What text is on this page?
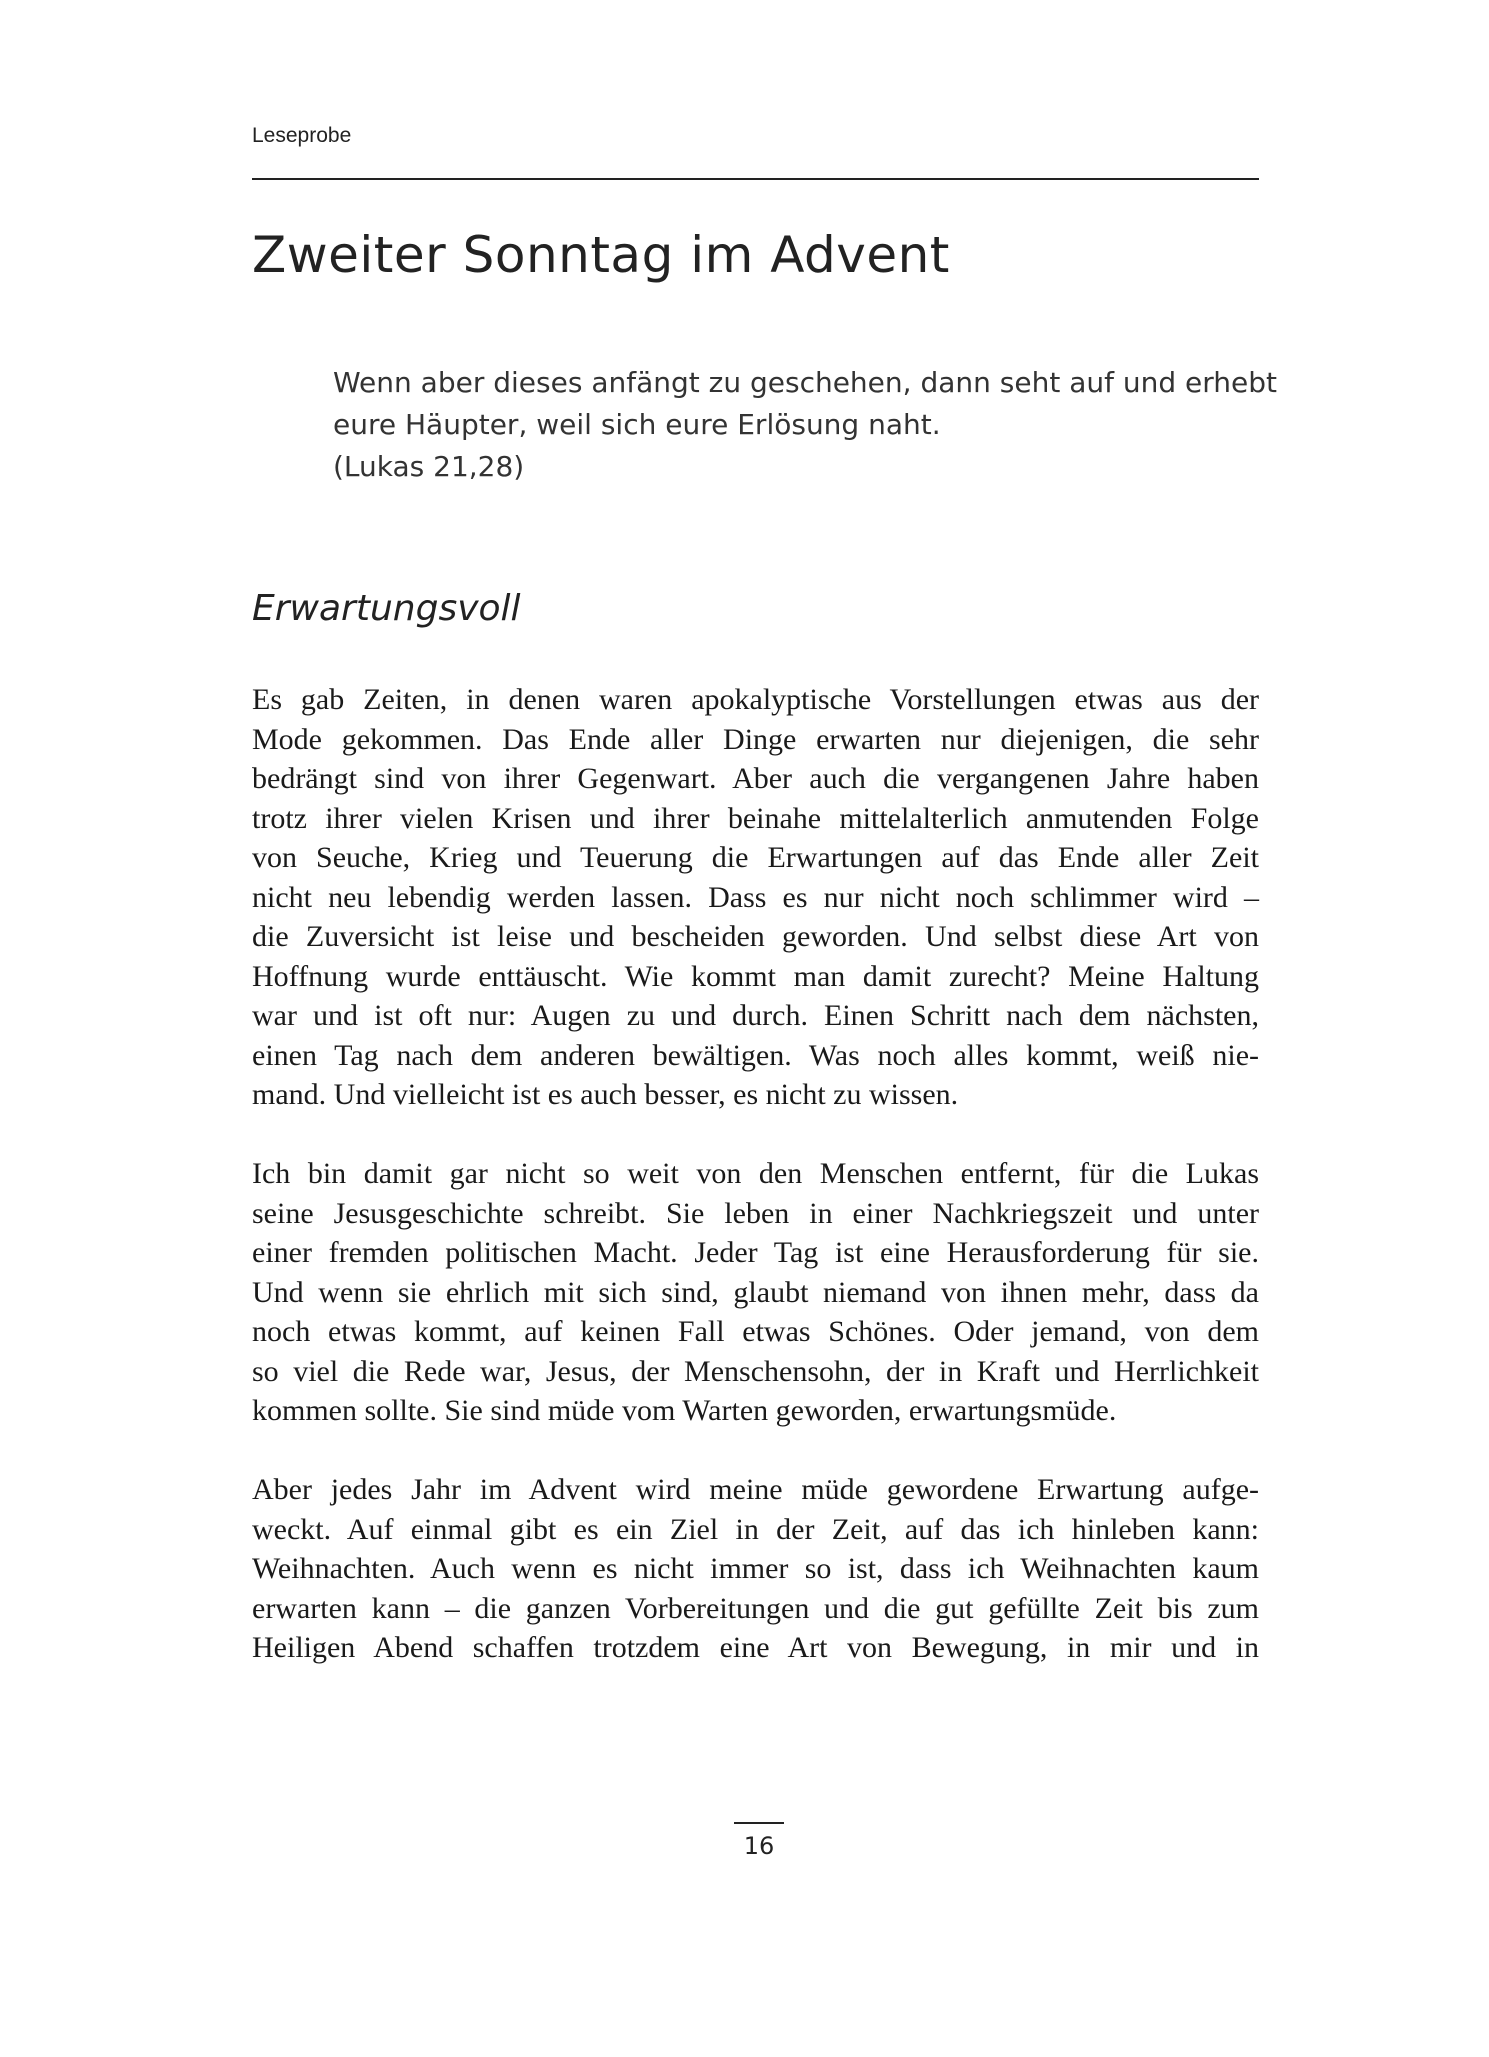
Leseprobe
Zweiter Sonntag im Advent
Wenn aber dieses anfängt zu geschehen, dann seht auf und erhebt
eure Häupter, weil sich eure Erlösung naht.
(Lukas 21,28)
Erwartungsvoll

Es gab Zeiten, in denen waren apokalyptische Vorstellungen etwas aus der
Mode gekommen. Das Ende aller Dinge erwarten nur diejenigen, die sehr
bedrängt sind von ihrer Gegenwart. Aber auch die vergangenen Jahre haben
trotz ihrer vielen Krisen und ihrer beinahe mittelalterlich anmutenden Folge
von Seuche, Krieg und Teuerung die Erwartungen auf das Ende aller Zeit
nicht neu lebendig werden lassen. Dass es nur nicht noch schlimmer wird –
die Zuversicht ist leise und bescheiden geworden. Und selbst diese Art von
Hoffnung wurde enttäuscht. Wie kommt man damit zurecht? Meine Haltung
war und ist oft nur: Augen zu und durch. Einen Schritt nach dem nächsten,
einen Tag nach dem anderen bewältigen. Was noch alles kommt, weiß nie-
mand. Und vielleicht ist es auch besser, es nicht zu wissen.

Ich bin damit gar nicht so weit von den Menschen entfernt, für die Lukas
seine Jesusgeschichte schreibt. Sie leben in einer Nachkriegszeit und unter
einer fremden politischen Macht. Jeder Tag ist eine Herausforderung für sie.
Und wenn sie ehrlich mit sich sind, glaubt niemand von ihnen mehr, dass da
noch etwas kommt, auf keinen Fall etwas Schönes. Oder jemand, von dem
so viel die Rede war, Jesus, der Menschensohn, der in Kraft und Herrlichkeit
kommen sollte. Sie sind müde vom Warten geworden, erwartungsmüde.

Aber jedes Jahr im Advent wird meine müde gewordene Erwartung aufge-
weckt. Auf einmal gibt es ein Ziel in der Zeit, auf das ich hinleben kann:
Weihnachten. Auch wenn es nicht immer so ist, dass ich Weihnachten kaum
erwarten kann – die ganzen Vorbereitungen und die gut gefüllte Zeit bis zum
Heiligen Abend schaffen trotzdem eine Art von Bewegung, in mir und in

16
